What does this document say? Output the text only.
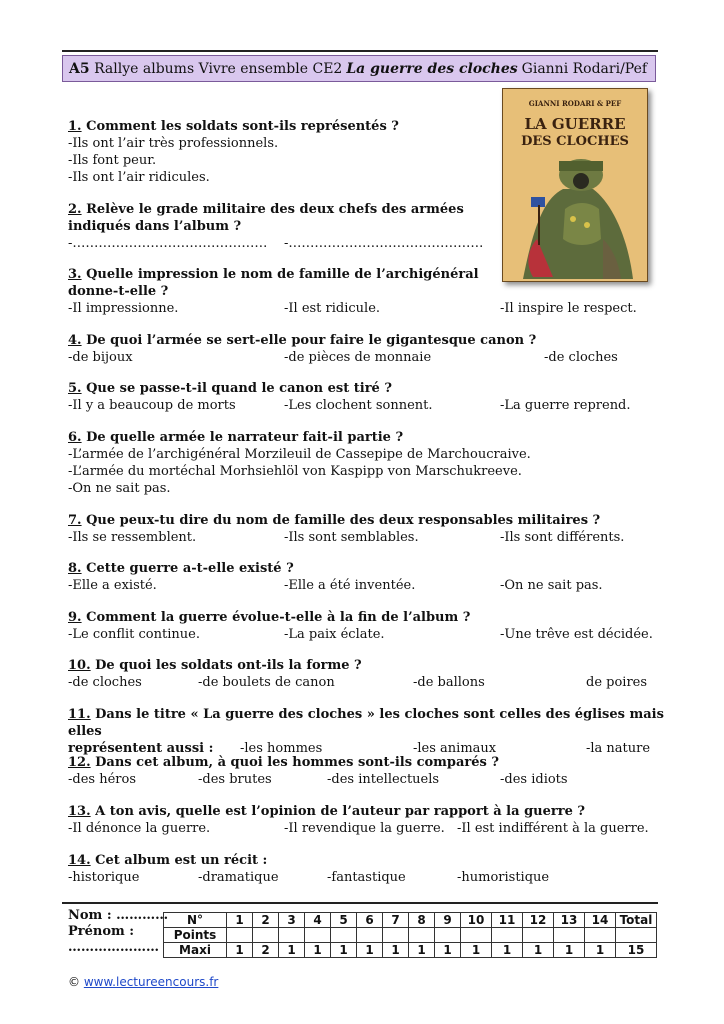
A5
Rallye albums Vivre ensemble CE2 La guerre des cloches Gianni Rodari/Pef
GIANNI RODARI & PEF
LA GUERRE
DES CLOCHES
1. Comment les soldats sont-ils représentés ?
-Ils ont l’air très professionnels.
-Ils font peur.
-Ils ont l’air ridicules.
2. Relève le grade militaire des deux chefs des armées
indiqués dans l’album ?
-……………………………………… -………………………………………
3. Quelle impression le nom de famille de l’archigénéral
donne-t-elle ?
-Il impressionne.	-Il est ridicule.	-Il inspire le respect.
4. De quoi l’armée se sert-elle pour faire le gigantesque canon ?
-de bijoux	-de pièces de monnaie	-de cloches
5. Que se passe-t-il quand le canon est tiré ?
-Il y a beaucoup de morts	-Les clochent sonnent.	-La guerre reprend.
6. De quelle armée le narrateur fait-il partie ?
-L’armée de l’archigénéral Morzileuil de Cassepipe de Marchoucraive.
-L’armée du mortéchal Morhsiehlöl von Kaspipp von Marschukreeve.
-On ne sait pas.
7. Que peux-tu dire du nom de famille des deux responsables militaires ?
-Ils se ressemblent.	-Ils sont semblables.	-Ils sont différents.
8. Cette guerre a-t-elle existé ?
-Elle a existé.	-Elle a été inventée.	-On ne sait pas.
9. Comment la guerre évolue-t-elle à la fin de l’album ?
-Le conflit continue.	-La paix éclate.	-Une trêve est décidée.
10. De quoi les soldats ont-ils la forme ?
-de cloches	-de boulets de canon	-de ballons	de poires
11. Dans le titre « La guerre des cloches » les cloches sont celles des églises mais elles
représentent aussi : -les hommes	-les animaux	-la nature
12. Dans cet album, à quoi les hommes sont-ils comparés ?
-des héros	-des brutes	-des intellectuels	-des idiots
13. A ton avis, quelle est l’opinion de l’auteur par rapport à la guerre ?
-Il dénonce la guerre.	-Il revendique la guerre. -Il est indifférent à la guerre.
14. Cet album est un récit :
-historique	-dramatique	-fantastique	-humoristique
Nom : …………
Prénom :
…………………
N°	1	2	3	4	5	6	7	8	9	10	11	12	13	14	Total
Points															
Maxi	1	2	1	1	1	1	1	1	1	1	1	1	1	1	15
© www.lectureencours.fr
